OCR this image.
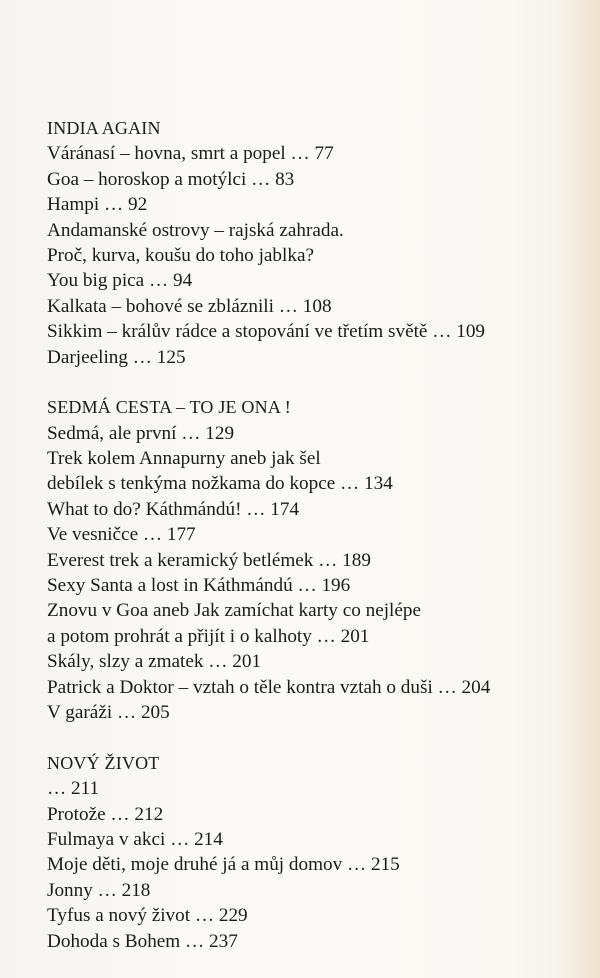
INDIA AGAIN
Váránasí – hovna, smrt a popel … 77
Goa – horoskop a motýlci … 83
Hampi … 92
Andamanské ostrovy – rajská zahrada.
Proč, kurva, koušu do toho jablka?
You big pica … 94
Kalkata – bohové se zbláznili … 108
Sikkim – králův rádce a stopování ve třetím světě … 109
Darjeeling … 125
SEDMÁ CESTA – TO JE ONA !
Sedmá, ale první … 129
Trek kolem Annapurny aneb jak šel
debílek s tenkýma nožkama do kopce … 134
What to do? Káthmándú! … 174
Ve vesničce … 177
Everest trek a keramický betlémek … 189
Sexy Santa a lost in Káthmándú … 196
Znovu v Goa aneb Jak zamíchat karty co nejlépe
a potom prohrát a přijít i o kalhoty … 201
Skály, slzy a zmatek … 201
Patrick a Doktor – vztah o těle kontra vztah o duši … 204
V garáži … 205
NOVÝ ŽIVOT
… 211
Protože … 212
Fulmaya v akci … 214
Moje děti, moje druhé já a můj domov … 215
Jonny … 218
Tyfus a nový život … 229
Dohoda s Bohem … 237
